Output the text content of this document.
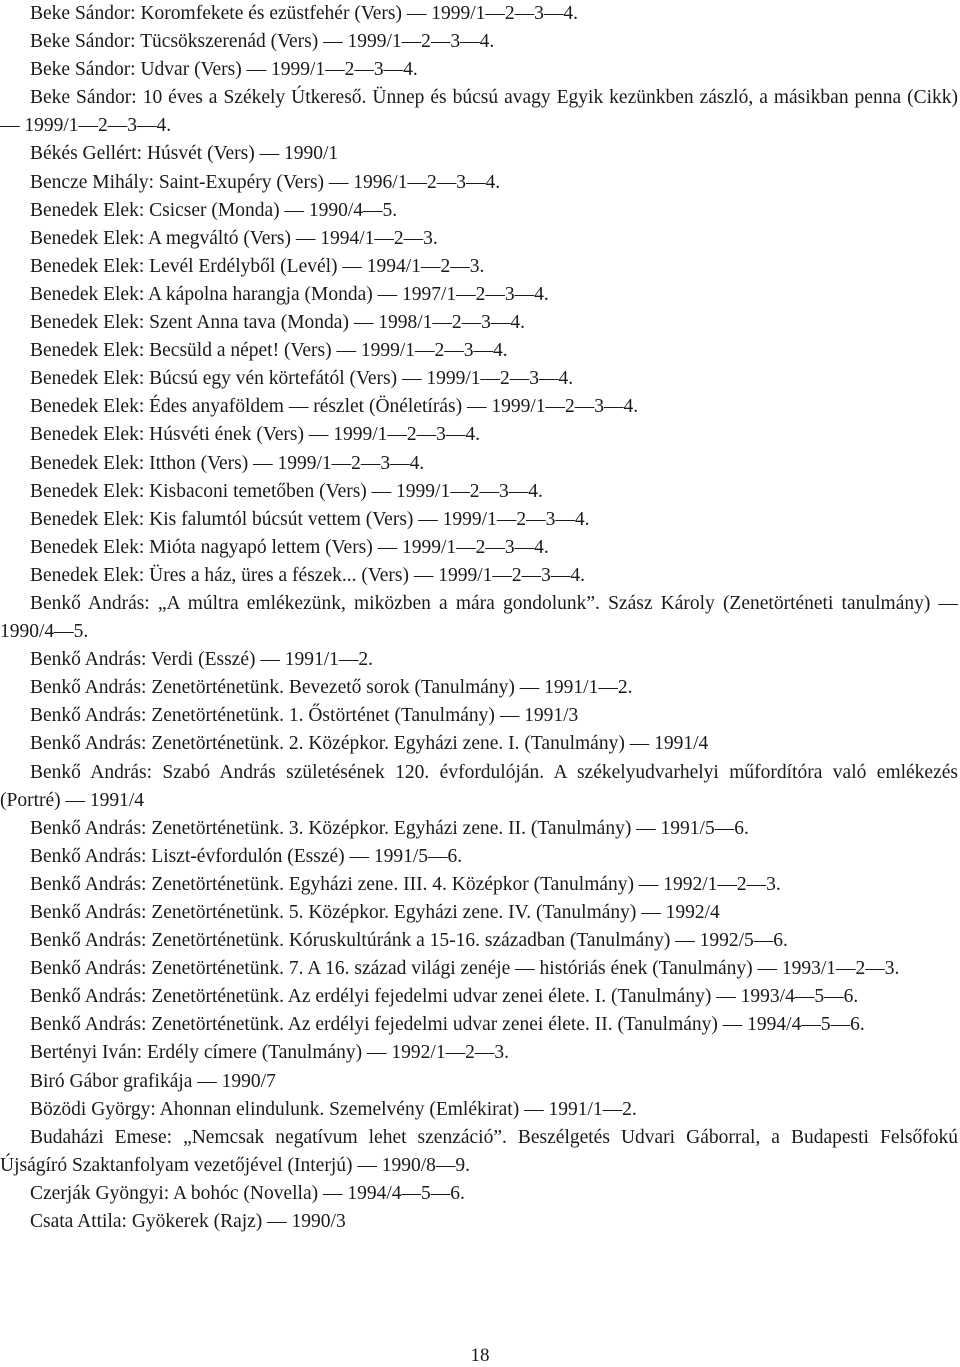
Beke Sándor: Koromfekete és ezüstfehér (Vers) — 1999/1—2—3—4.

Beke Sándor: Tücsökszerenád (Vers) — 1999/1—2—3—4.

Beke Sándor: Udvar (Vers) — 1999/1—2—3—4.

Beke Sándor: 10 éves a Székely Útkereső. Ünnep és búcsú avagy Egyik kezünkben zászló, a másikban penna (Cikk) — 1999/1—2—3—4.

Békés Gellért: Húsvét (Vers) — 1990/1

Bencze Mihály: Saint-Exupéry (Vers) — 1996/1—2—3—4.

Benedek Elek: Csicser (Monda) — 1990/4—5.

Benedek Elek: A megváltó (Vers) — 1994/1—2—3.

Benedek Elek: Levél Erdélyből (Levél) — 1994/1—2—3.

Benedek Elek: A kápolna harangja (Monda) — 1997/1—2—3—4.

Benedek Elek: Szent Anna tava (Monda) — 1998/1—2—3—4.

Benedek Elek: Becsüld a népet! (Vers) — 1999/1—2—3—4.

Benedek Elek: Búcsú egy vén körtefától (Vers) — 1999/1—2—3—4.

Benedek Elek: Édes anyaföldem — részlet (Önéletírás) — 1999/1—2—3—4.

Benedek Elek: Húsvéti ének (Vers) — 1999/1—2—3—4.

Benedek Elek: Itthon (Vers) — 1999/1—2—3—4.

Benedek Elek: Kisbaconi temetőben (Vers) — 1999/1—2—3—4.

Benedek Elek: Kis falumtól búcsút vettem (Vers) — 1999/1—2—3—4.

Benedek Elek: Mióta nagyapó lettem (Vers) — 1999/1—2—3—4.

Benedek Elek: Üres a ház, üres a fészek... (Vers) — 1999/1—2—3—4.

Benkő András: „A múltra emlékezünk, miközben a mára gondolunk”. Szász Károly (Zenetörténeti tanulmány) — 1990/4—5.

Benkő András: Verdi (Esszé) — 1991/1—2.

Benkő András: Zenetörténetünk. Bevezető sorok (Tanulmány) — 1991/1—2.

Benkő András: Zenetörténetünk. 1. Őstörténet (Tanulmány) — 1991/3

Benkő András: Zenetörténetünk. 2. Középkor. Egyházi zene. I. (Tanulmány) — 1991/4

Benkő András: Szabó András születésének 120. évfordulóján. A székelyudvarhelyi műfordítóra való emlékezés (Portré) — 1991/4

Benkő András: Zenetörténetünk. 3. Középkor. Egyházi zene. II. (Tanulmány) — 1991/5—6.

Benkő András: Liszt-évfordulón (Esszé) — 1991/5—6.

Benkő András: Zenetörténetünk. Egyházi zene. III. 4. Középkor (Tanulmány) — 1992/1—2—3.

Benkő András: Zenetörténetünk. 5. Középkor. Egyházi zene. IV. (Tanulmány) — 1992/4

Benkő András: Zenetörténetünk. Kóruskultúránk a 15-16. században (Tanulmány) — 1992/5—6.

Benkő András: Zenetörténetünk. 7. A 16. század világi zenéje — históriás ének (Tanulmány) — 1993/1—2—3.

Benkő András: Zenetörténetünk. Az erdélyi fejedelmi udvar zenei élete. I. (Tanulmány) — 1993/4—5—6.

Benkő András: Zenetörténetünk. Az erdélyi fejedelmi udvar zenei élete. II. (Tanulmány) — 1994/4—5—6.

Bertényi Iván: Erdély címere (Tanulmány) — 1992/1—2—3.

Biró Gábor grafikája — 1990/7

Bözödi György: Ahonnan elindulunk. Szemelvény (Emlékirat) — 1991/1—2.

Budaházi Emese: „Nemcsak negatívum lehet szenzáció”. Beszélgetés Udvari Gáborral, a Budapesti Felsőfokú Újságíró Szaktanfolyam vezetőjével (Interjú) — 1990/8—9.

Czerják Gyöngyi: A bohóc (Novella) — 1994/4—5—6.

Csata Attila: Gyökerek (Rajz) — 1990/3

18
